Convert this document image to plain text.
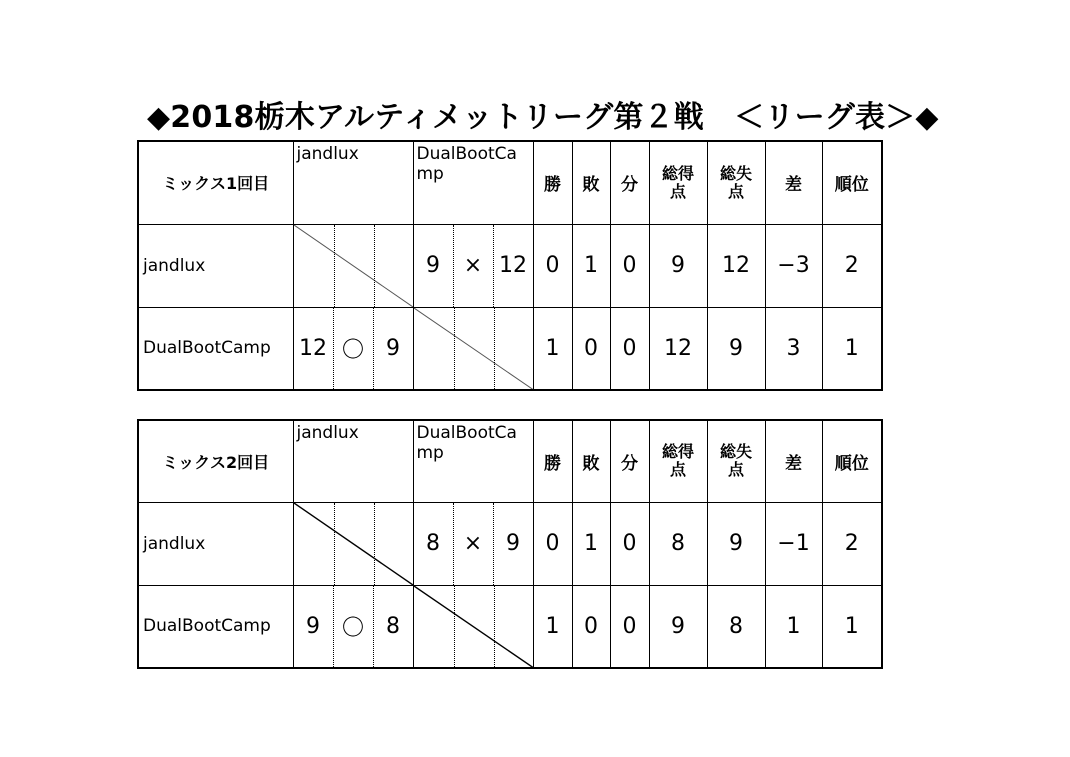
◆2018栃木アルティメットリーグ第２戦　＜リーグ表＞◆
ミックス1回目	jandlux			DualBootCamp			勝	敗	分	総得点	総失点	差	順位
jandlux				9	×	12	0	1	0	9	12	−3	2
DualBootCamp	12	〇	9				1	0	0	12	9	3	1
ミックス2回目	jandlux			DualBootCamp			勝	敗	分	総得点	総失点	差	順位
jandlux				8	×	9	0	1	0	8	9	−1	2
DualBootCamp	9	〇	8				1	0	0	9	8	1	1
